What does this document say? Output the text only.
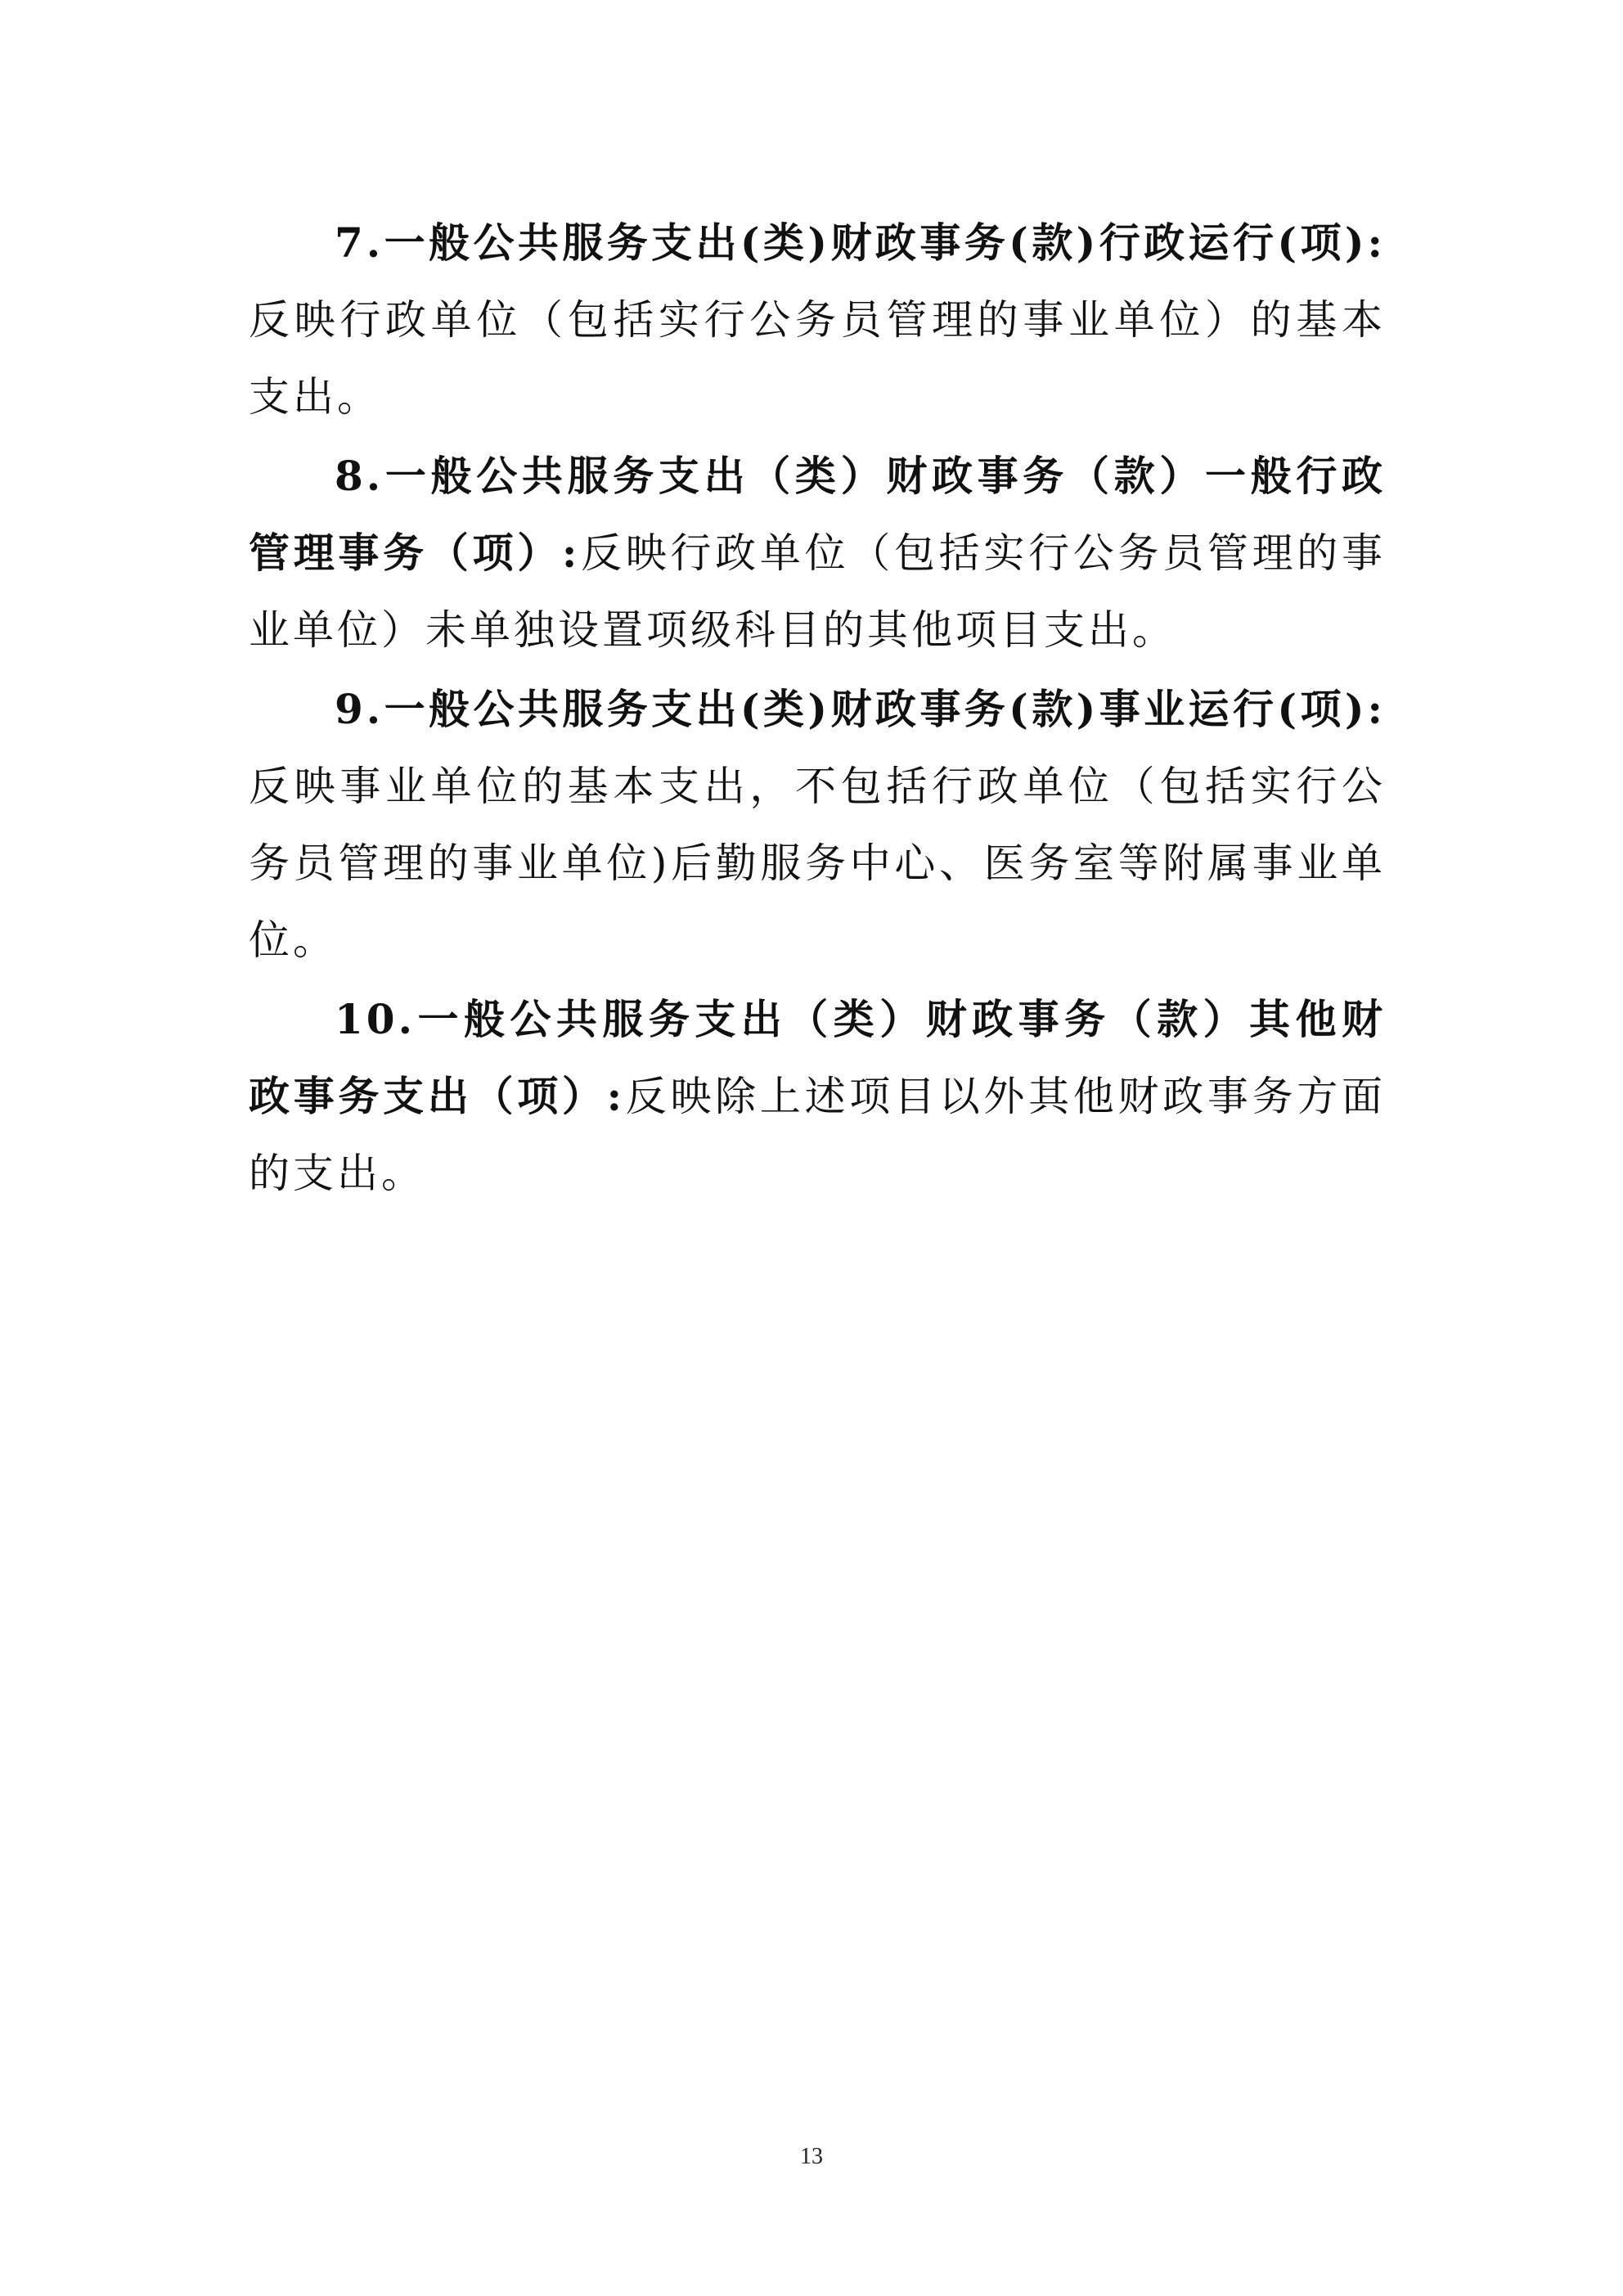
7.一般公共服务支出(类)财政事务(款)行政运行(项):反映行政单位（包括实行公务员管理的事业单位）的基本支出。

8.一般公共服务支出（类）财政事务（款）一般行政管理事务（项）:反映行政单位（包括实行公务员管理的事业单位）未单独设置项级科目的其他项目支出。

9.一般公共服务支出(类)财政事务(款)事业运行(项):反映事业单位的基本支出，不包括行政单位（包括实行公务员管理的事业单位)后勤服务中心、医务室等附属事业单位。

10.一般公共服务支出（类）财政事务（款）其他财政事务支出（项）:反映除上述项目以外其他财政事务方面的支出。

13
